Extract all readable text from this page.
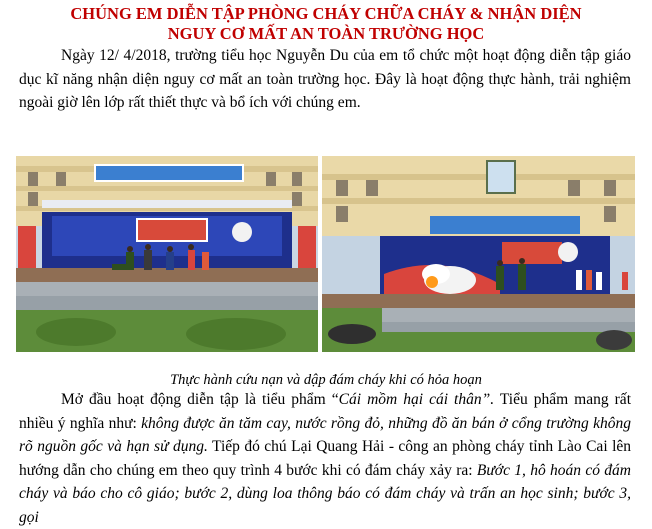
CHÚNG EM DIỄN TẬP PHÒNG CHÁY CHỮA CHÁY & NHẬN DIỆN
NGUY CƠ MẤT AN TOÀN TRƯỜNG HỌC

Ngày 12/ 4/2018, trường tiểu học Nguyễn Du của em tổ chức một hoạt động diễn tập giáo dục kĩ năng nhận diện nguy cơ mất an toàn trường học. Đây là hoạt động thực hành, trải nghiệm ngoài giờ lên lớp rất thiết thực và bổ ích với chúng em.

Thực hành cứu nạn và dập đám cháy khi có hỏa hoạn

Mở đầu hoạt động diễn tập là tiểu phẩm “Cái mồm hại cái thân”. Tiểu phẩm mang rất nhiều ý nghĩa như: không được ăn tăm cay, nước rồng đỏ, những đồ ăn bán ở cổng trường không rõ nguồn gốc và hạn sử dụng. Tiếp đó chú Lại Quang Hải - công an phòng cháy tỉnh Lào Cai lên hướng dẫn cho chúng em theo quy trình 4 bước khi có đám cháy xảy ra: Bước 1, hô hoán có đám cháy và báo cho cô giáo; bước 2, dùng loa thông báo có đám cháy và trấn an học sinh; bước 3, gọi
